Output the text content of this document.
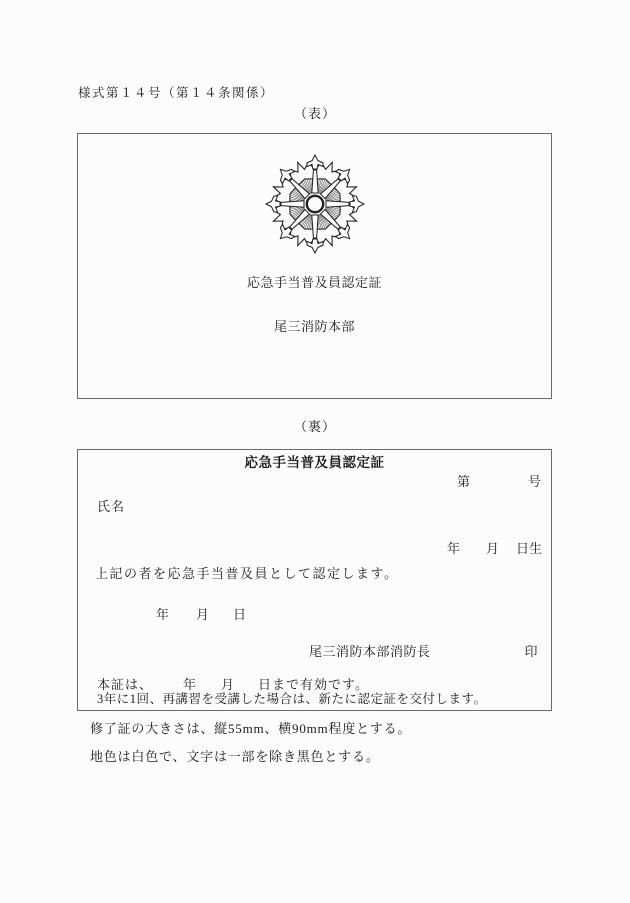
様式第１４号（第１４条関係）
（表）
応急手当普及員認定証
尾三消防本部
（裏）
応急手当普及員認定証
第	号
氏名
年 月 日生
上記の者を応急手当普及員として認定します。
年 月 日
尾三消防本部消防長	印
本証は、 年 月 日まで有効です。
3年に1回、再講習を受講した場合は、新たに認定証を交付します。
修了証の大きさは、縦55mm、横90mm程度とする。
地色は白色で、文字は一部を除き黒色とする。
